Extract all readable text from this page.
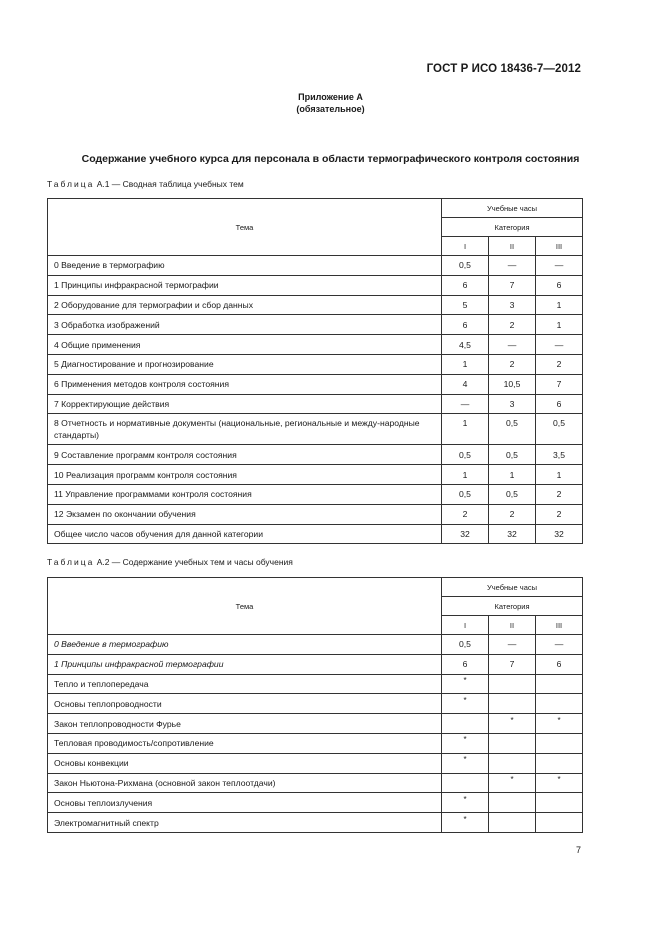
ГОСТ Р ИСО 18436-7—2012
Приложение А
(обязательное)
Содержание учебного курса для персонала в области термографического контроля состояния
Таблица А.1 — Сводная таблица учебных тем
Тема	Учебные часы		
	Категория		
	I	II	III
0 Введение в термографию	0,5	—	—
1 Принципы инфракрасной термографии	6	7	6
2 Оборудование для термографии и сбор данных	5	3	1
3 Обработка изображений	6	2	1
4 Общие применения	4,5	—	—
5 Диагностирование и прогнозирование	1	2	2
6 Применения методов контроля состояния	4	10,5	7
7 Корректирующие действия	—	3	6
8 Отчетность и нормативные документы (национальные, региональные и между-народные стандарты)	1	0,5	0,5
9 Составление программ контроля состояния	0,5	0,5	3,5
10 Реализация программ контроля состояния	1	1	1
11 Управление программами контроля состояния	0,5	0,5	2
12 Экзамен по окончании обучения	2	2	2
Общее число часов обучения для данной категории	32	32	32
Таблица А.2 — Содержание учебных тем и часы обучения
Тема	Учебные часы		
	Категория		
	I	II	III
0 Введение в термографию	0,5	—	—
1 Принципы инфракрасной термографии	6	7	6
Тепло и теплопередача	*		
Основы теплопроводности	*		
Закон теплопроводности Фурье		*	*
Тепловая проводимость/сопротивление	*		
Основы конвекции	*		
Закон Ньютона-Рихмана (основной закон теплоотдачи)		*	*
Основы теплоизлучения	*		
Электромагнитный спектр	*		
7
